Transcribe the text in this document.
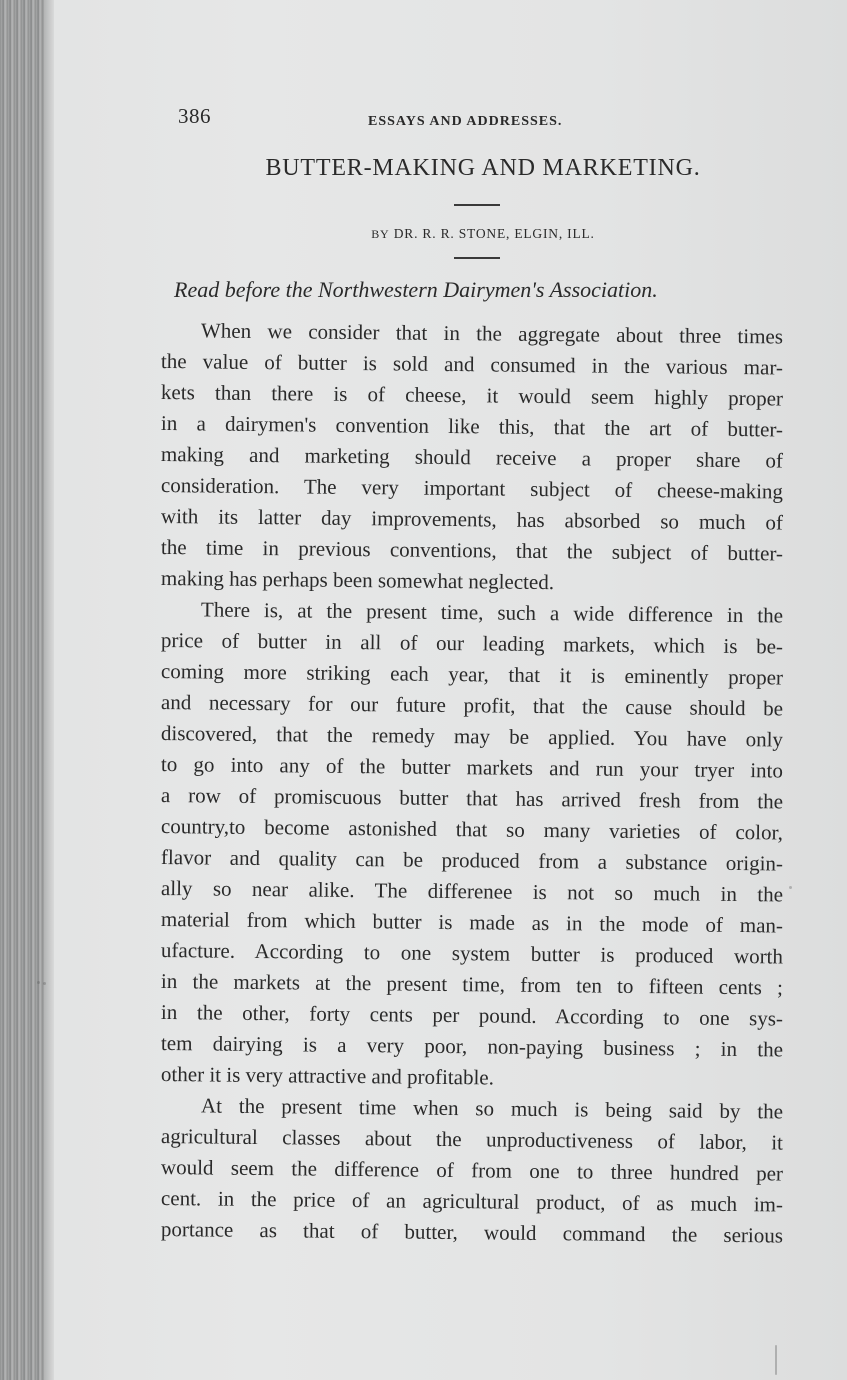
386	ESSAYS AND ADDRESSES.
BUTTER-MAKING AND MARKETING.
BY DR. R. R. STONE, ELGIN, ILL.
Read before the Northwestern Dairymen's Association.
When we consider that in the aggregate about three times
the value of butter is sold and consumed in the various mar-
kets than there is of cheese, it would seem highly proper
in a dairymen's convention like this, that the art of butter-
making and marketing should receive a proper share of
consideration. The very important subject of cheese-making
with its latter day improvements, has absorbed so much of
the time in previous conventions, that the subject of butter-
making has perhaps been somewhat neglected.
There is, at the present time, such a wide difference in the
price of butter in all of our leading markets, which is be-
coming more striking each year, that it is eminently proper
and necessary for our future profit, that the cause should be
discovered, that the remedy may be applied. You have only
to go into any of the butter markets and run your tryer into
a row of promiscuous butter that has arrived fresh from the
country,to become astonished that so many varieties of color,
flavor and quality can be produced from a substance origin-
ally so near alike. The differenee is not so much in the
material from which butter is made as in the mode of man-
ufacture. According to one system butter is produced worth
in the markets at the present time, from ten to fifteen cents ;
in the other, forty cents per pound. According to one sys-
tem dairying is a very poor, non-paying business ; in the
other it is very attractive and profitable.
At the present time when so much is being said by the
agricultural classes about the unproductiveness of labor, it
would seem the difference of from one to three hundred per
cent. in the price of an agricultural product, of as much im-
portance as that of butter, would command the serious
